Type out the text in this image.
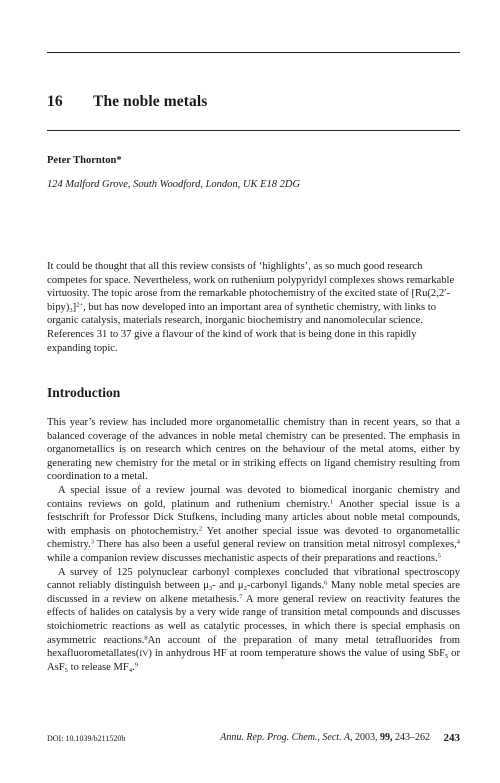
16 The noble metals
Peter Thornton*
124 Malford Grove, South Woodford, London, UK E18 2DG
It could be thought that all this review consists of ‘highlights’, as so much good research competes for space. Nevertheless, work on ruthenium polypyridyl complexes shows remarkable virtuosity. The topic arose from the remarkable photochemistry of the excited state of $[Ru(2,2'-bipy)_3]^{2+}$, but has now developed into an important area of synthetic chemistry, with links to organic catalysis, materials research, inorganic biochemistry and nanomolecular science. References 31 to 37 give a flavour of the kind of work that is being done in this rapidly expanding topic.
Introduction

This year’s review has included more organometallic chemistry than in recent years, so that a balanced coverage of the advances in noble metal chemistry can be presented. The emphasis in organometallics is on research which centres on the behaviour of the metal atoms, either by generating new chemistry for the metal or in striking effects on ligand chemistry resulting from coordination to a metal.

A special issue of a review journal was devoted to biomedical inorganic chemistry and contains reviews on gold, platinum and ruthenium chemistry.$^1$ Another special issue is a festschrift for Professor Dick Stufkens, including many articles about noble metal compounds, with emphasis on photochemistry.$^2$ Yet another special issue was devoted to organometallic chemistry.$^3$ There has also been a useful general review on transition metal nitrosyl complexes,$^4$ while a companion review discusses mechanistic aspects of their preparations and reactions.$^5$

A survey of 125 polynuclear carbonyl complexes concluded that vibrational spectroscopy cannot reliably distinguish between $\mu_3-$ and $\mu_2$-carbonyl ligands.$^6$ Many noble metal species are discussed in a review on alkene metathesis.$^7$ A more general review on reactivity features the effects of halides on catalysis by a very wide range of transition metal compounds and discusses stoichiometric reactions as well as catalytic processes, in which there is special emphasis on asymmetric reactions.$^8$An account of the preparation of many metal tetrafluorides from hexafluorometallates(IV) in anhydrous HF at room temperature shows the value of using SbF$_5$ or AsF$_5$ to release $MF_4.^9$

DOI: 10.1039/b211520b	Annu. Rep. Prog. Chem., Sect. A, 2003, 99, 243–262 243
